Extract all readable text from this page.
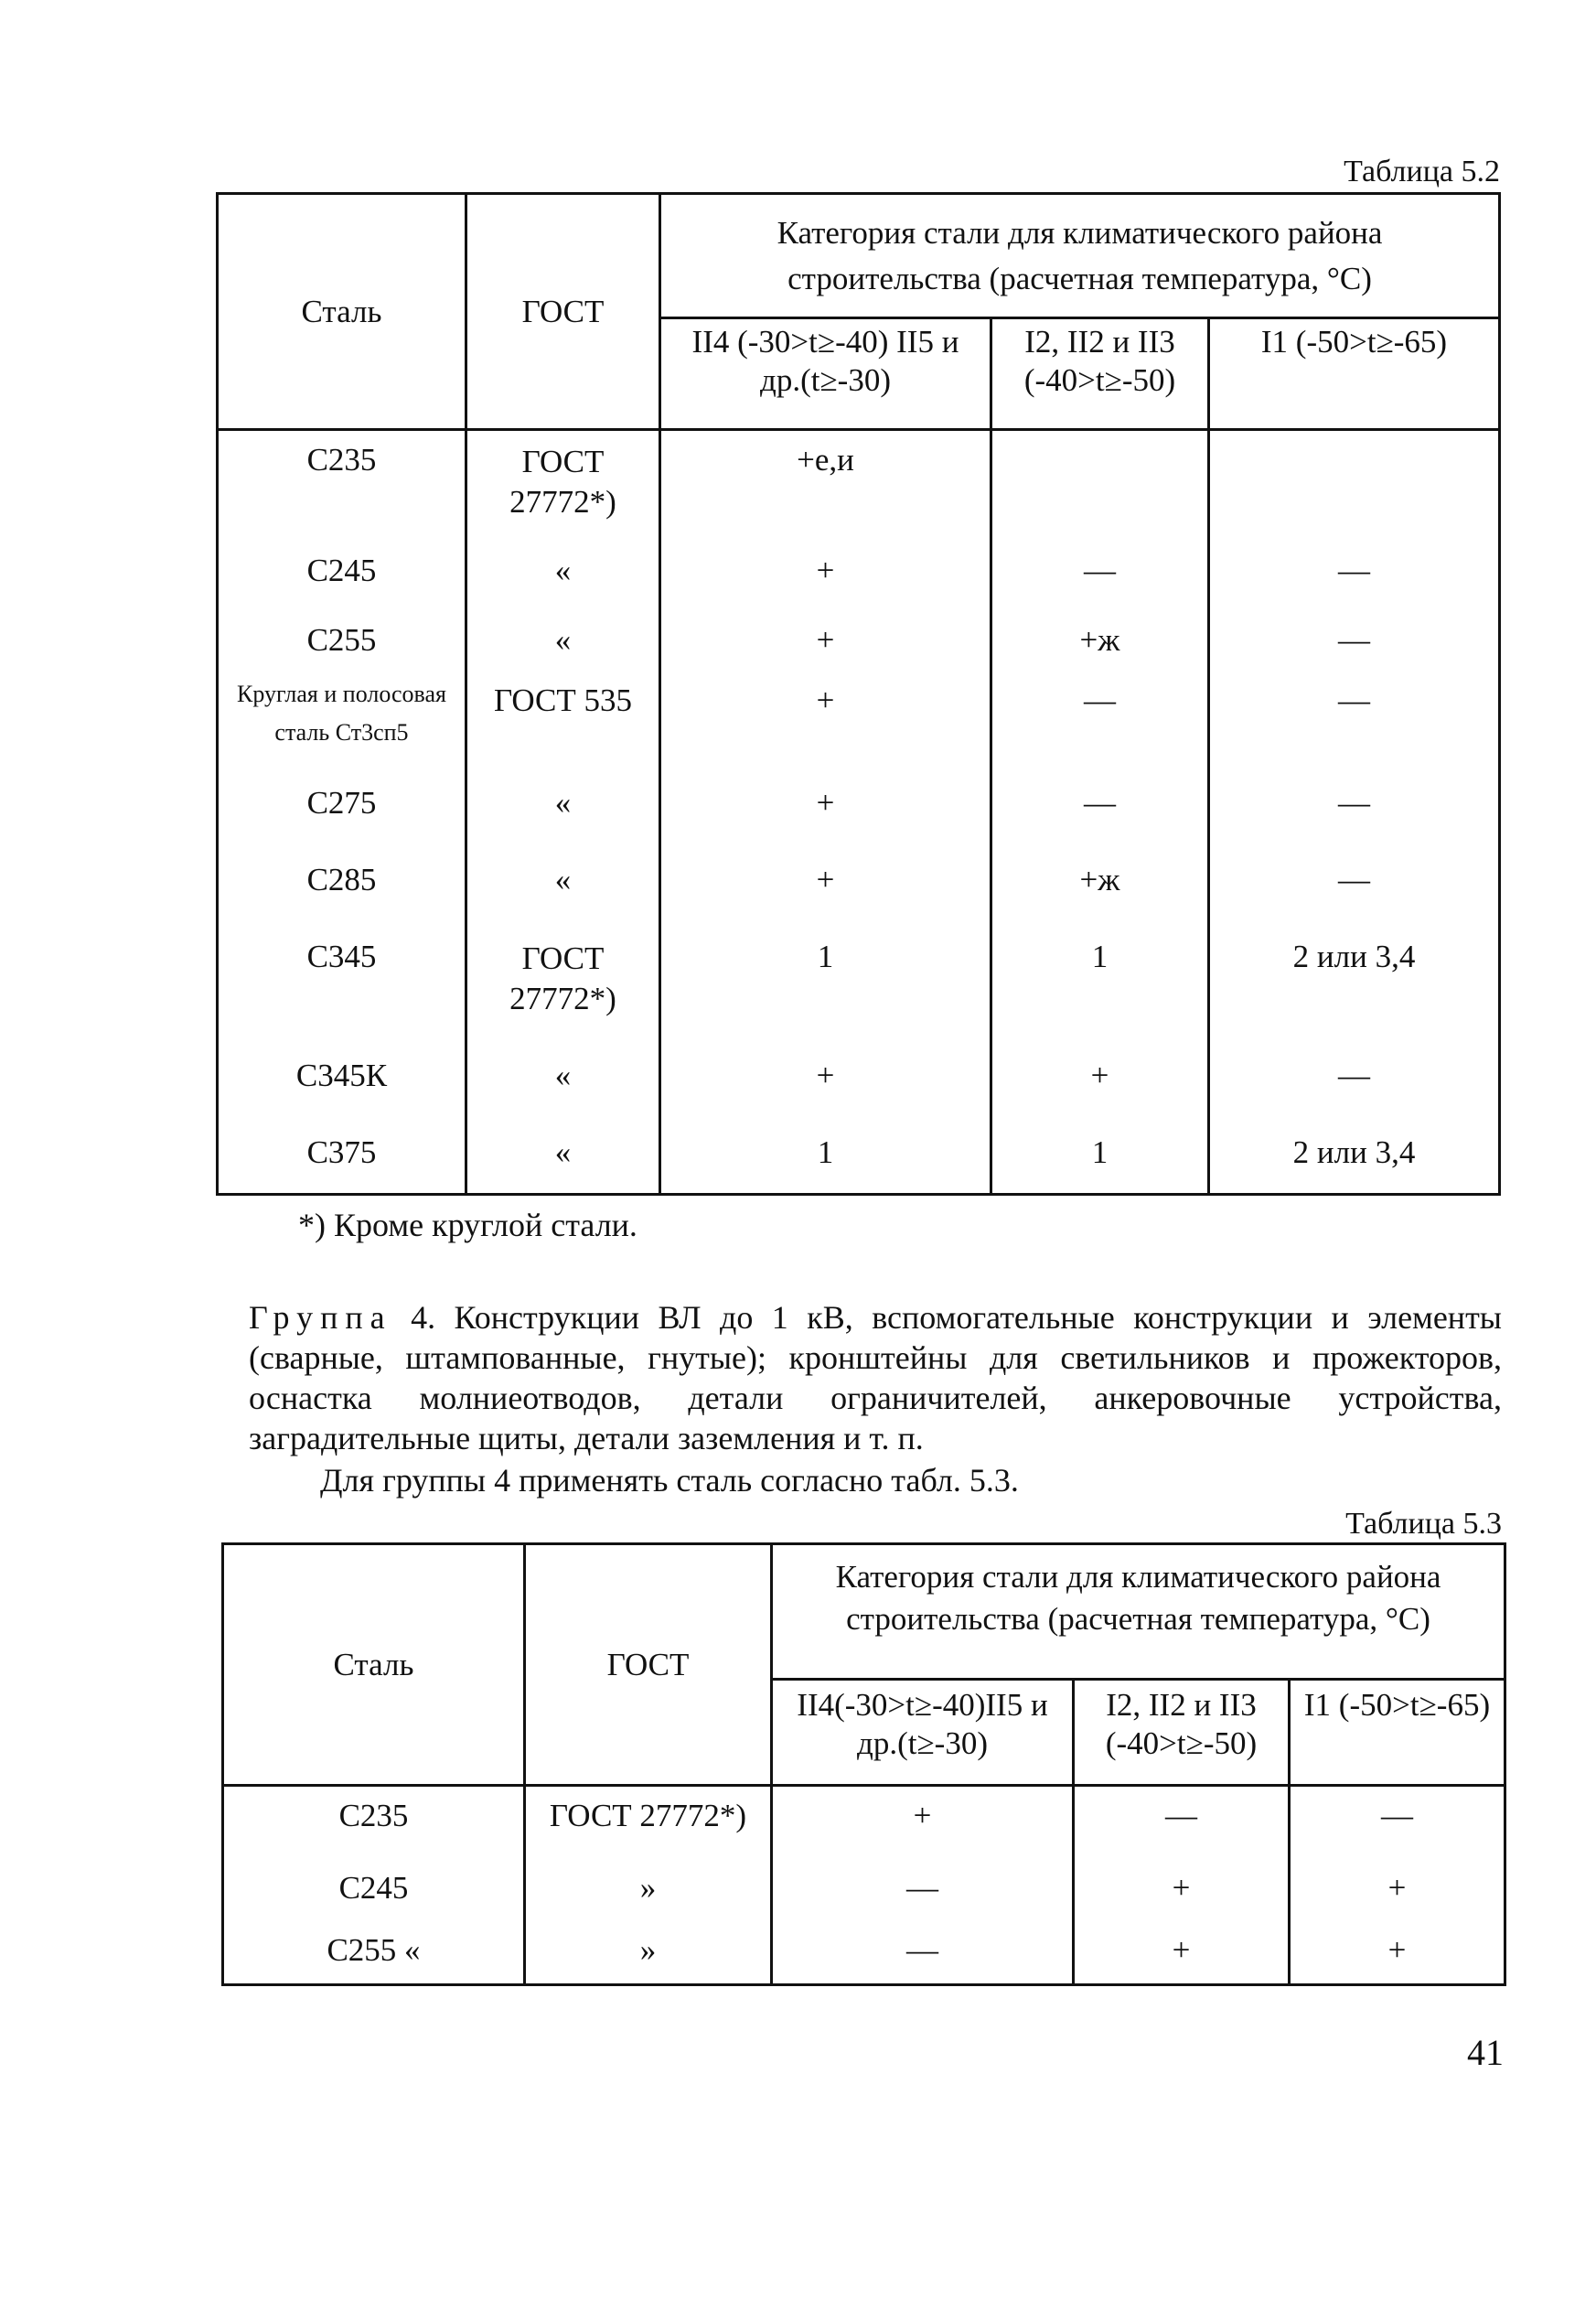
Таблица 5.2
Сталь	ГОСТ	Категория стали для климатического района строительства (расчетная температура, °С)		
		II4 (-30>t≥-40) II5 и др.(t≥-30)	I2, II2 и II3 (-40>t≥-50)	I1 (-50>t≥-65)
С235	ГОСТ 27772*)	+е,и		
С245	«	+	—	—
С255	«	+	+ж	—
Круглая и полосовая сталь Ст3сп5	ГОСТ 535	+	—	—
С275	«	+	—	—
С285	«	+	+ж	—
С345	ГОСТ 27772*)	1	1	2 или 3,4
С345К	«	+	+	—
С375	«	1	1	2 или 3,4
*) Кроме круглой стали.
Группа 4. Конструкции ВЛ до 1 кВ, вспомогательные конструкции и элементы (сварные, штампованные, гнутые); кронштейны для светильников и прожекторов, оснастка молниеотводов, детали ограничителей, анкеровочные устройства, заградительные щиты, детали заземления и т. п.
Для группы 4 применять сталь согласно табл. 5.3.
Таблица 5.3
Сталь	ГОСТ	Категория стали для климатического района строительства (расчетная температура, °С)		
		II4(-30>t≥-40)II5 и др.(t≥-30)	I2, II2 и II3 (-40>t≥-50)	I1 (-50>t≥-65)
С235	ГОСТ 27772*)	+	—	—
С245	»	—	+	+
С255 «	»	—	+	+
41
